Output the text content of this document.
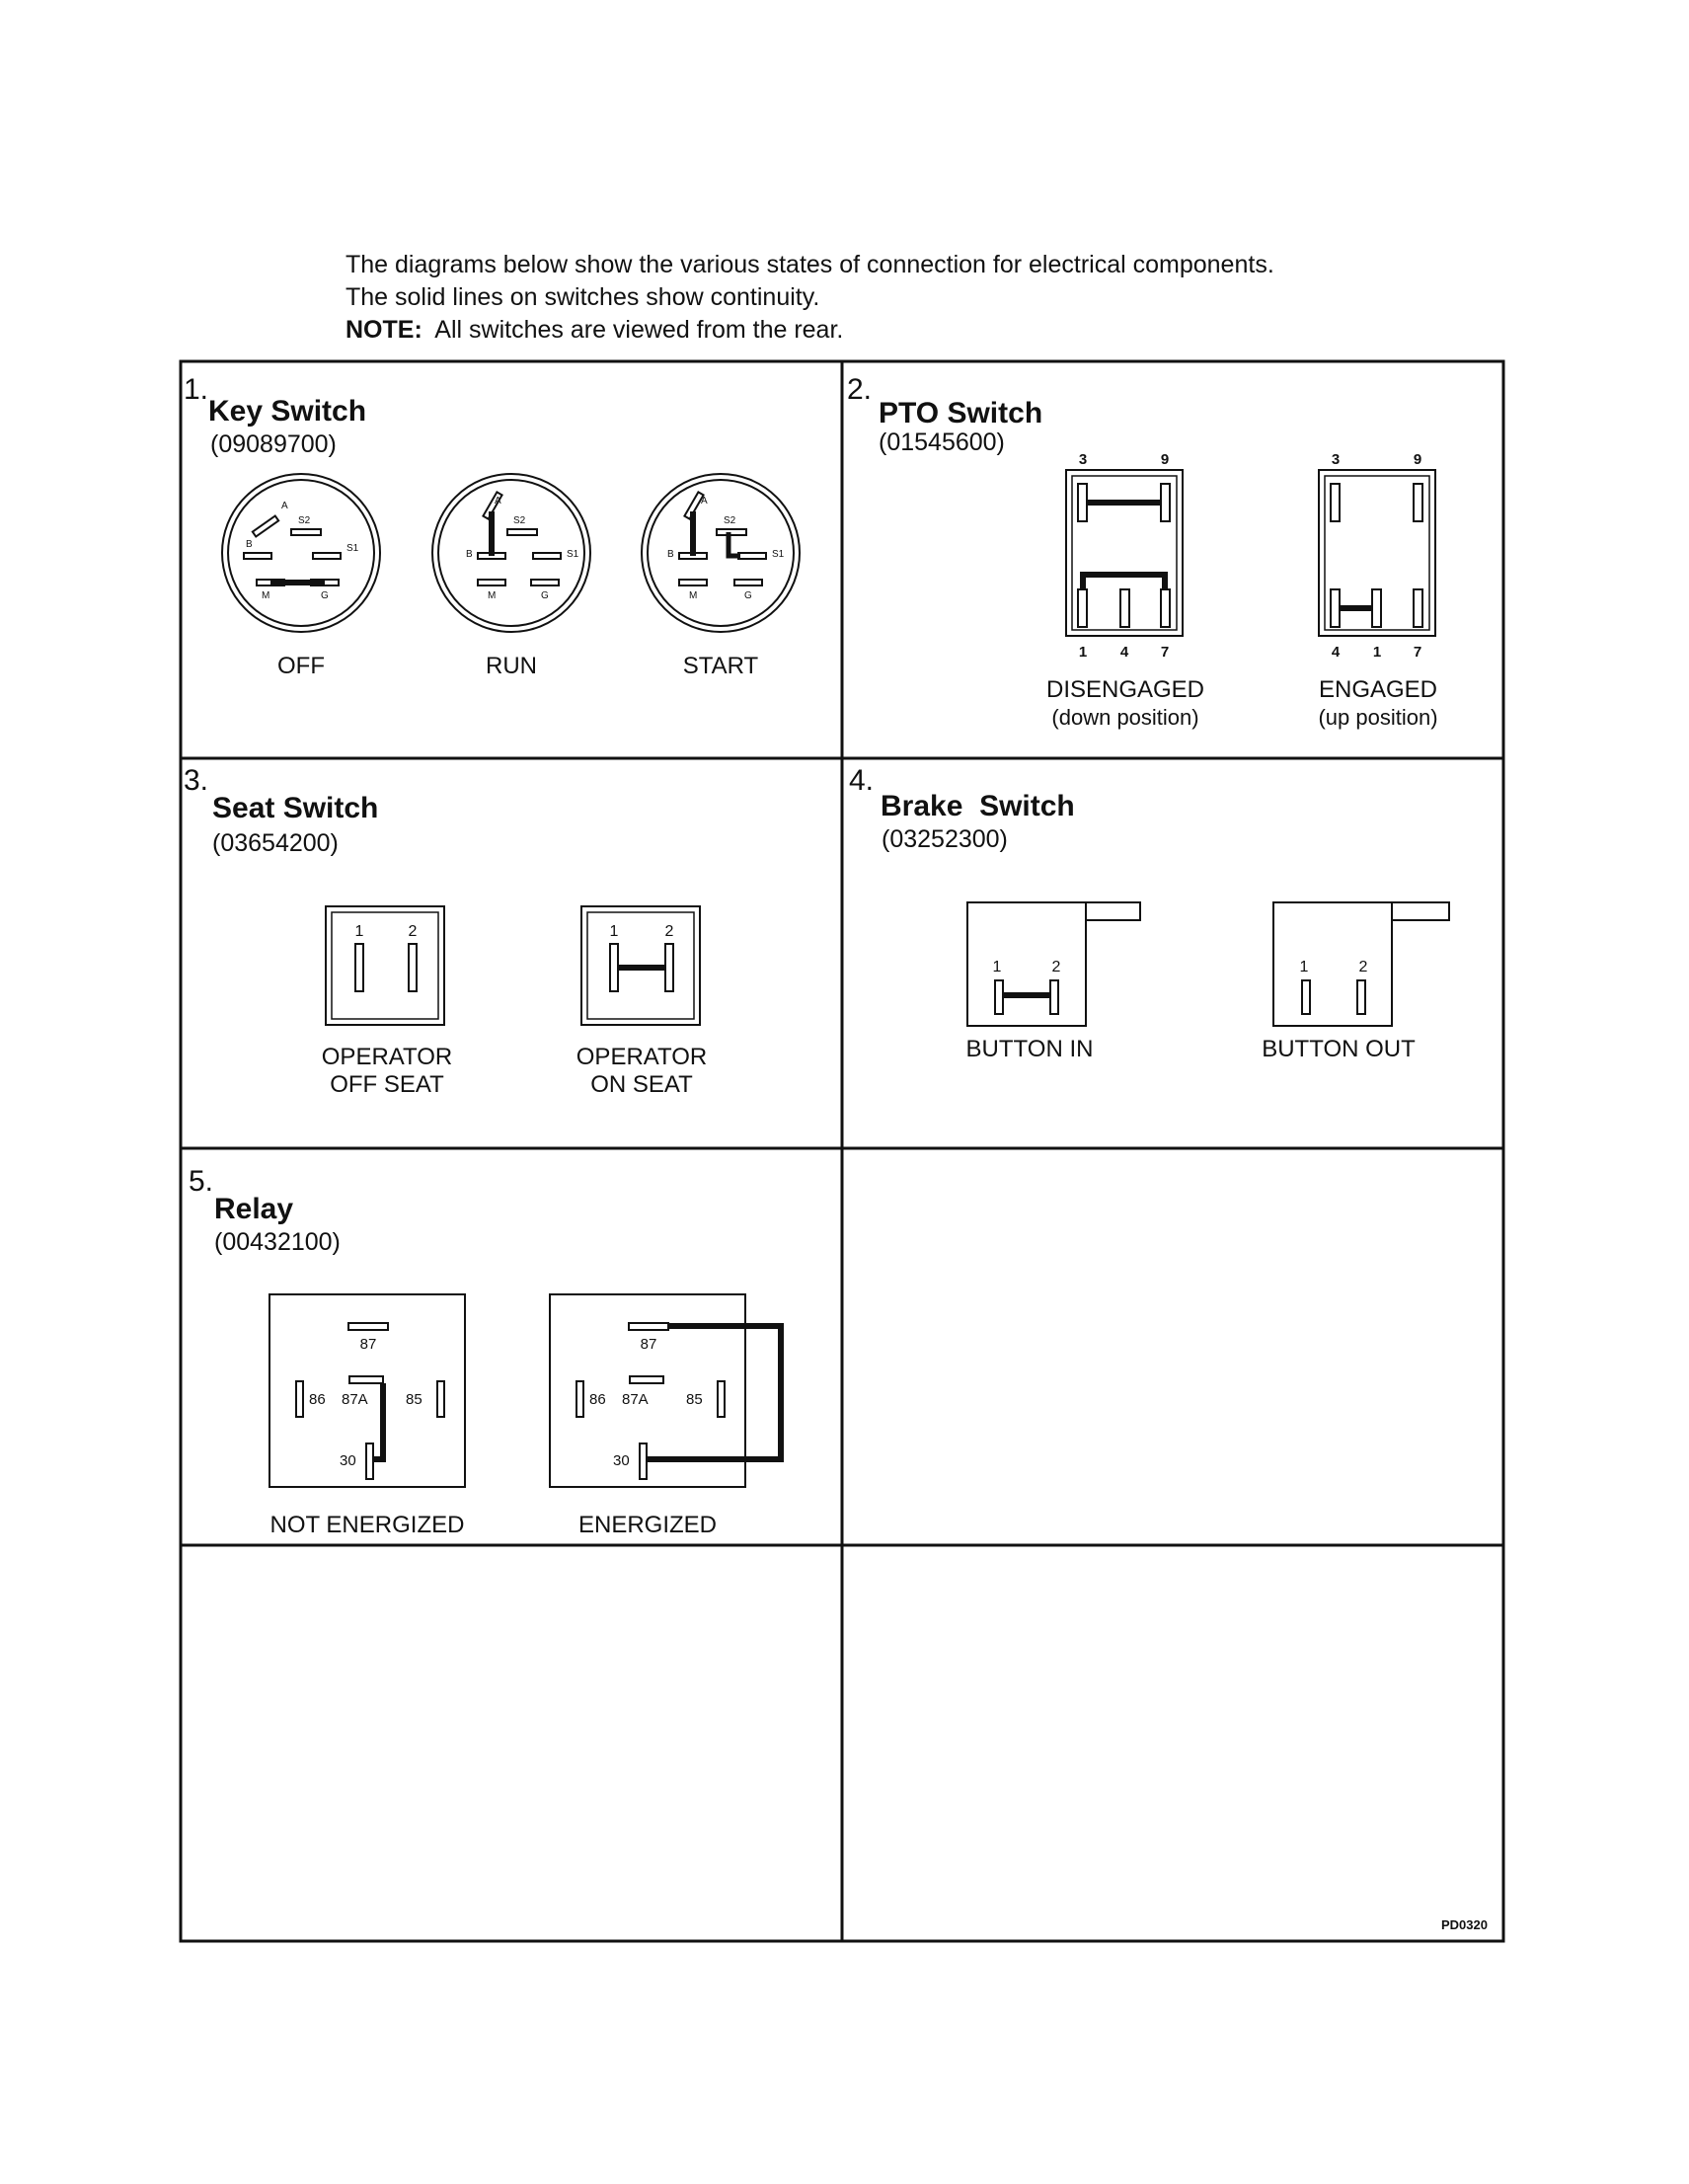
The diagrams below show the various states of connection for electrical components.
The solid lines on switches show continuity.
NOTE: All switches are viewed from the rear.
1.
Key Switch
(09089700)
A
S2
B	S1
M	G
OFF
A
S2
B	S1
M	G
RUN
A
S2
B	S1
M	G
START
2.
PTO Switch
(01545600)
3	9
1 4 7
DISENGAGED
(down position)
3	9
4 1 7
ENGAGED
(up position)
3.
Seat Switch
(03654200)
1	2
OPERATOR
OFF SEAT
1	2
OPERATOR
ON SEAT
4.
Brake  Switch
(03252300)
1	2
BUTTON IN
1	2
BUTTON OUT
5.
Relay
(00432100)
87
86 87A	85
30
NOT ENERGIZED
87
86 87A	85
30
ENERGIZED
PD0320
